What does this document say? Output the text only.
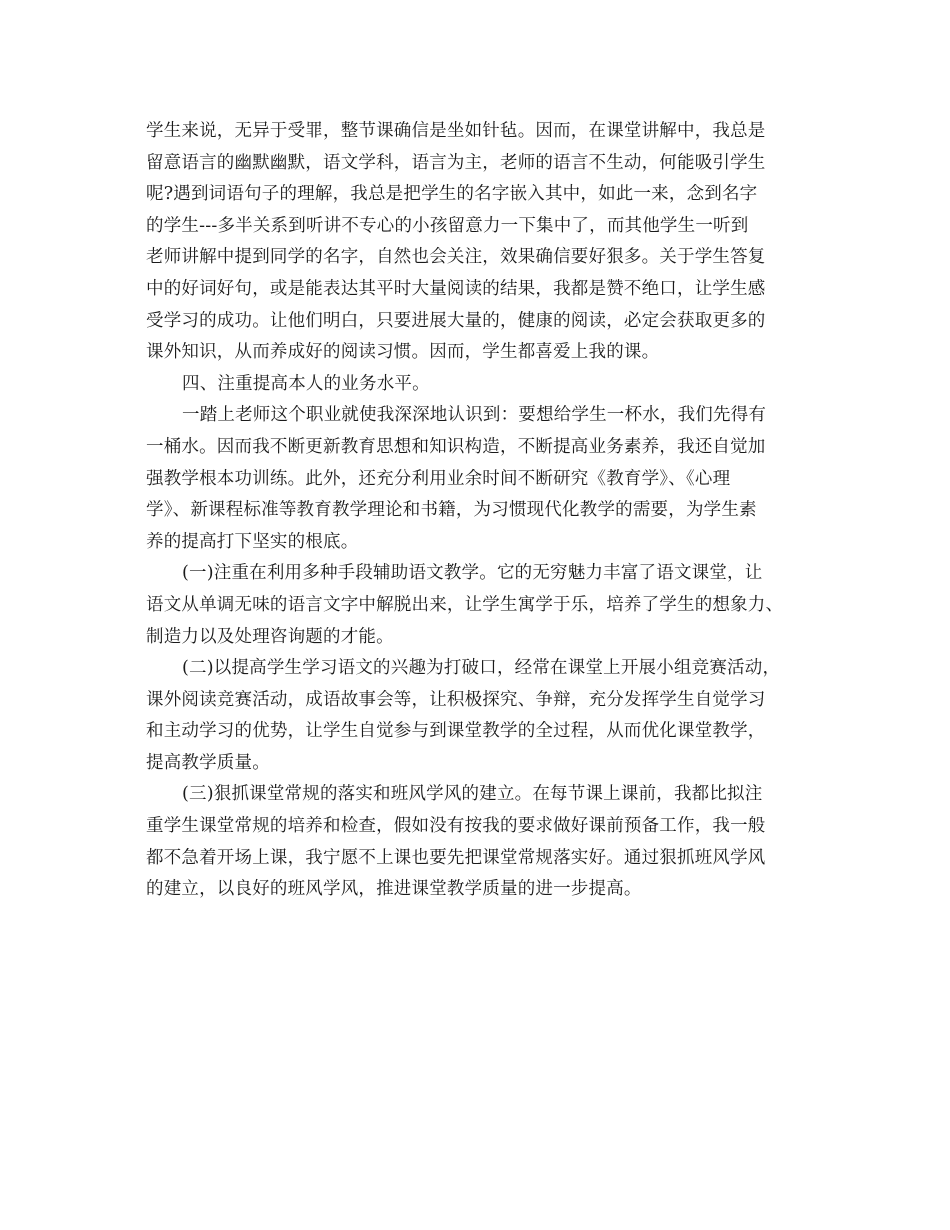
学生来说，无异于受罪，整节课确信是坐如针毡。因而，在课堂讲解中，我总是
留意语言的幽默幽默，语文学科，语言为主，老师的语言不生动，何能吸引学生
呢?遇到词语句子的理解，我总是把学生的名字嵌入其中，如此一来，念到名字
的学生---多半关系到听讲不专心的小孩留意力一下集中了，而其他学生一听到
老师讲解中提到同学的名字，自然也会关注，效果确信要好狠多。关于学生答复
中的好词好句，或是能表达其平时大量阅读的结果，我都是赞不绝口，让学生感
受学习的成功。让他们明白，只要进展大量的，健康的阅读，必定会获取更多的
课外知识，从而养成好的阅读习惯。因而，学生都喜爱上我的课。
四、注重提高本人的业务水平。
一踏上老师这个职业就使我深深地认识到：要想给学生一杯水，我们先得有
一桶水。因而我不断更新教育思想和知识构造，不断提高业务素养，我还自觉加
强教学根本功训练。此外，还充分利用业余时间不断研究《教育学》、《心理
学》、新课程标准等教育教学理论和书籍，为习惯现代化教学的需要，为学生素
养的提高打下坚实的根底。
(一)注重在利用多种手段辅助语文教学。它的无穷魅力丰富了语文课堂，让
语文从单调无味的语言文字中解脱出来，让学生寓学于乐，培养了学生的想象力、
制造力以及处理咨询题的才能。
(二)以提高学生学习语文的兴趣为打破口，经常在课堂上开展小组竞赛活动，
课外阅读竞赛活动，成语故事会等，让积极探究、争辩，充分发挥学生自觉学习
和主动学习的优势，让学生自觉参与到课堂教学的全过程，从而优化课堂教学，
提高教学质量。
(三)狠抓课堂常规的落实和班风学风的建立。在每节课上课前，我都比拟注
重学生课堂常规的培养和检查，假如没有按我的要求做好课前预备工作，我一般
都不急着开场上课，我宁愿不上课也要先把课堂常规落实好。通过狠抓班风学风
的建立，以良好的班风学风，推进课堂教学质量的进一步提高。
